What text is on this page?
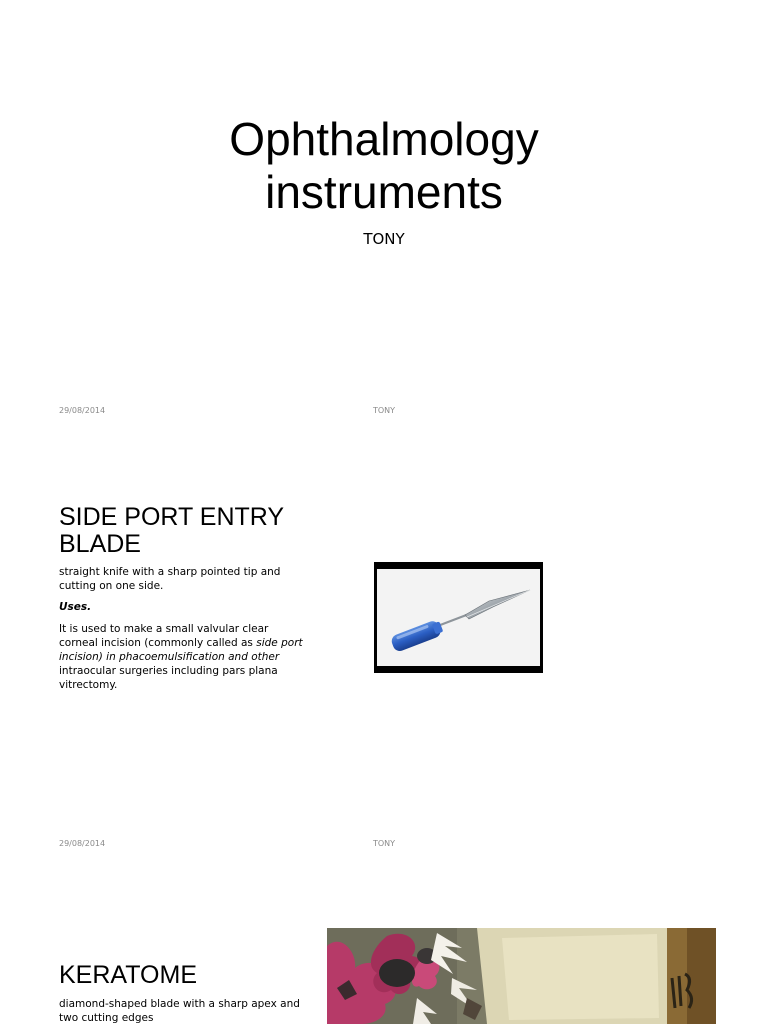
Ophthalmology
instruments
TONY
29/08/2014	TONY
SIDE PORT ENTRY
BLADE
straight knife with a sharp pointed tip and cutting on one side.
Uses.
It is used to make a small valvular clear corneal incision (commonly called as side port incision) in phacoemulsification and other intraocular surgeries including pars plana vitrectomy.
29/08/2014	TONY
KERATOME
diamond-shaped blade with a sharp apex and two cutting edges
